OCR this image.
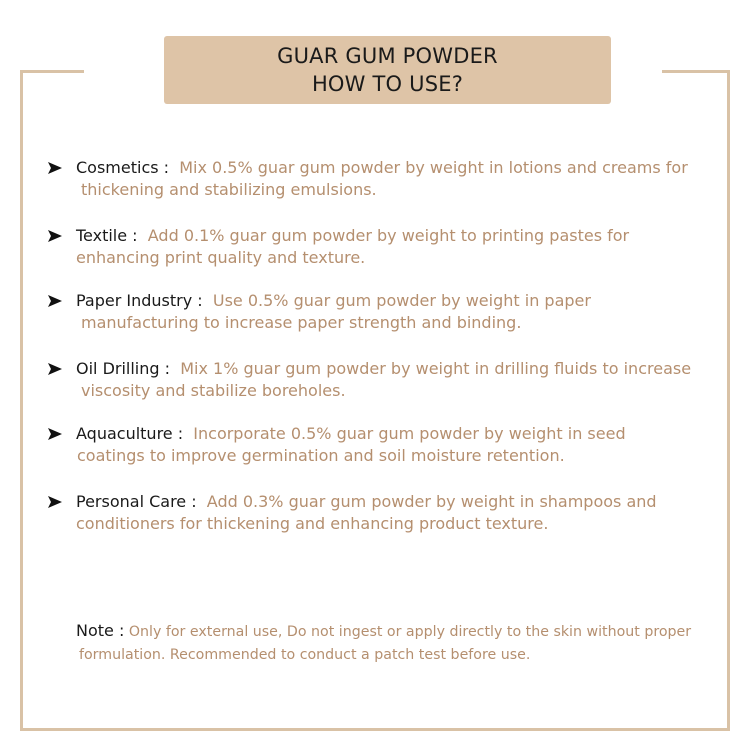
GUAR GUM POWDER
HOW TO USE?
Cosmetics : Mix 0.5% guar gum powder by weight in lotions and creams for
thickening and stabilizing emulsions.
Textile : Add 0.1% guar gum powder by weight to printing pastes for
enhancing print quality and texture.
Paper Industry : Use 0.5% guar gum powder by weight in paper
manufacturing to increase paper strength and binding.
Oil Drilling : Mix 1% guar gum powder by weight in drilling fluids to increase
viscosity and stabilize boreholes.
Aquaculture : Incorporate 0.5% guar gum powder by weight in seed
coatings to improve germination and soil moisture retention.
Personal Care : Add 0.3% guar gum powder by weight in shampoos and
conditioners for thickening and enhancing product texture.
Note : Only for external use, Do not ingest or apply directly to the skin without proper
formulation. Recommended to conduct a patch test before use.
